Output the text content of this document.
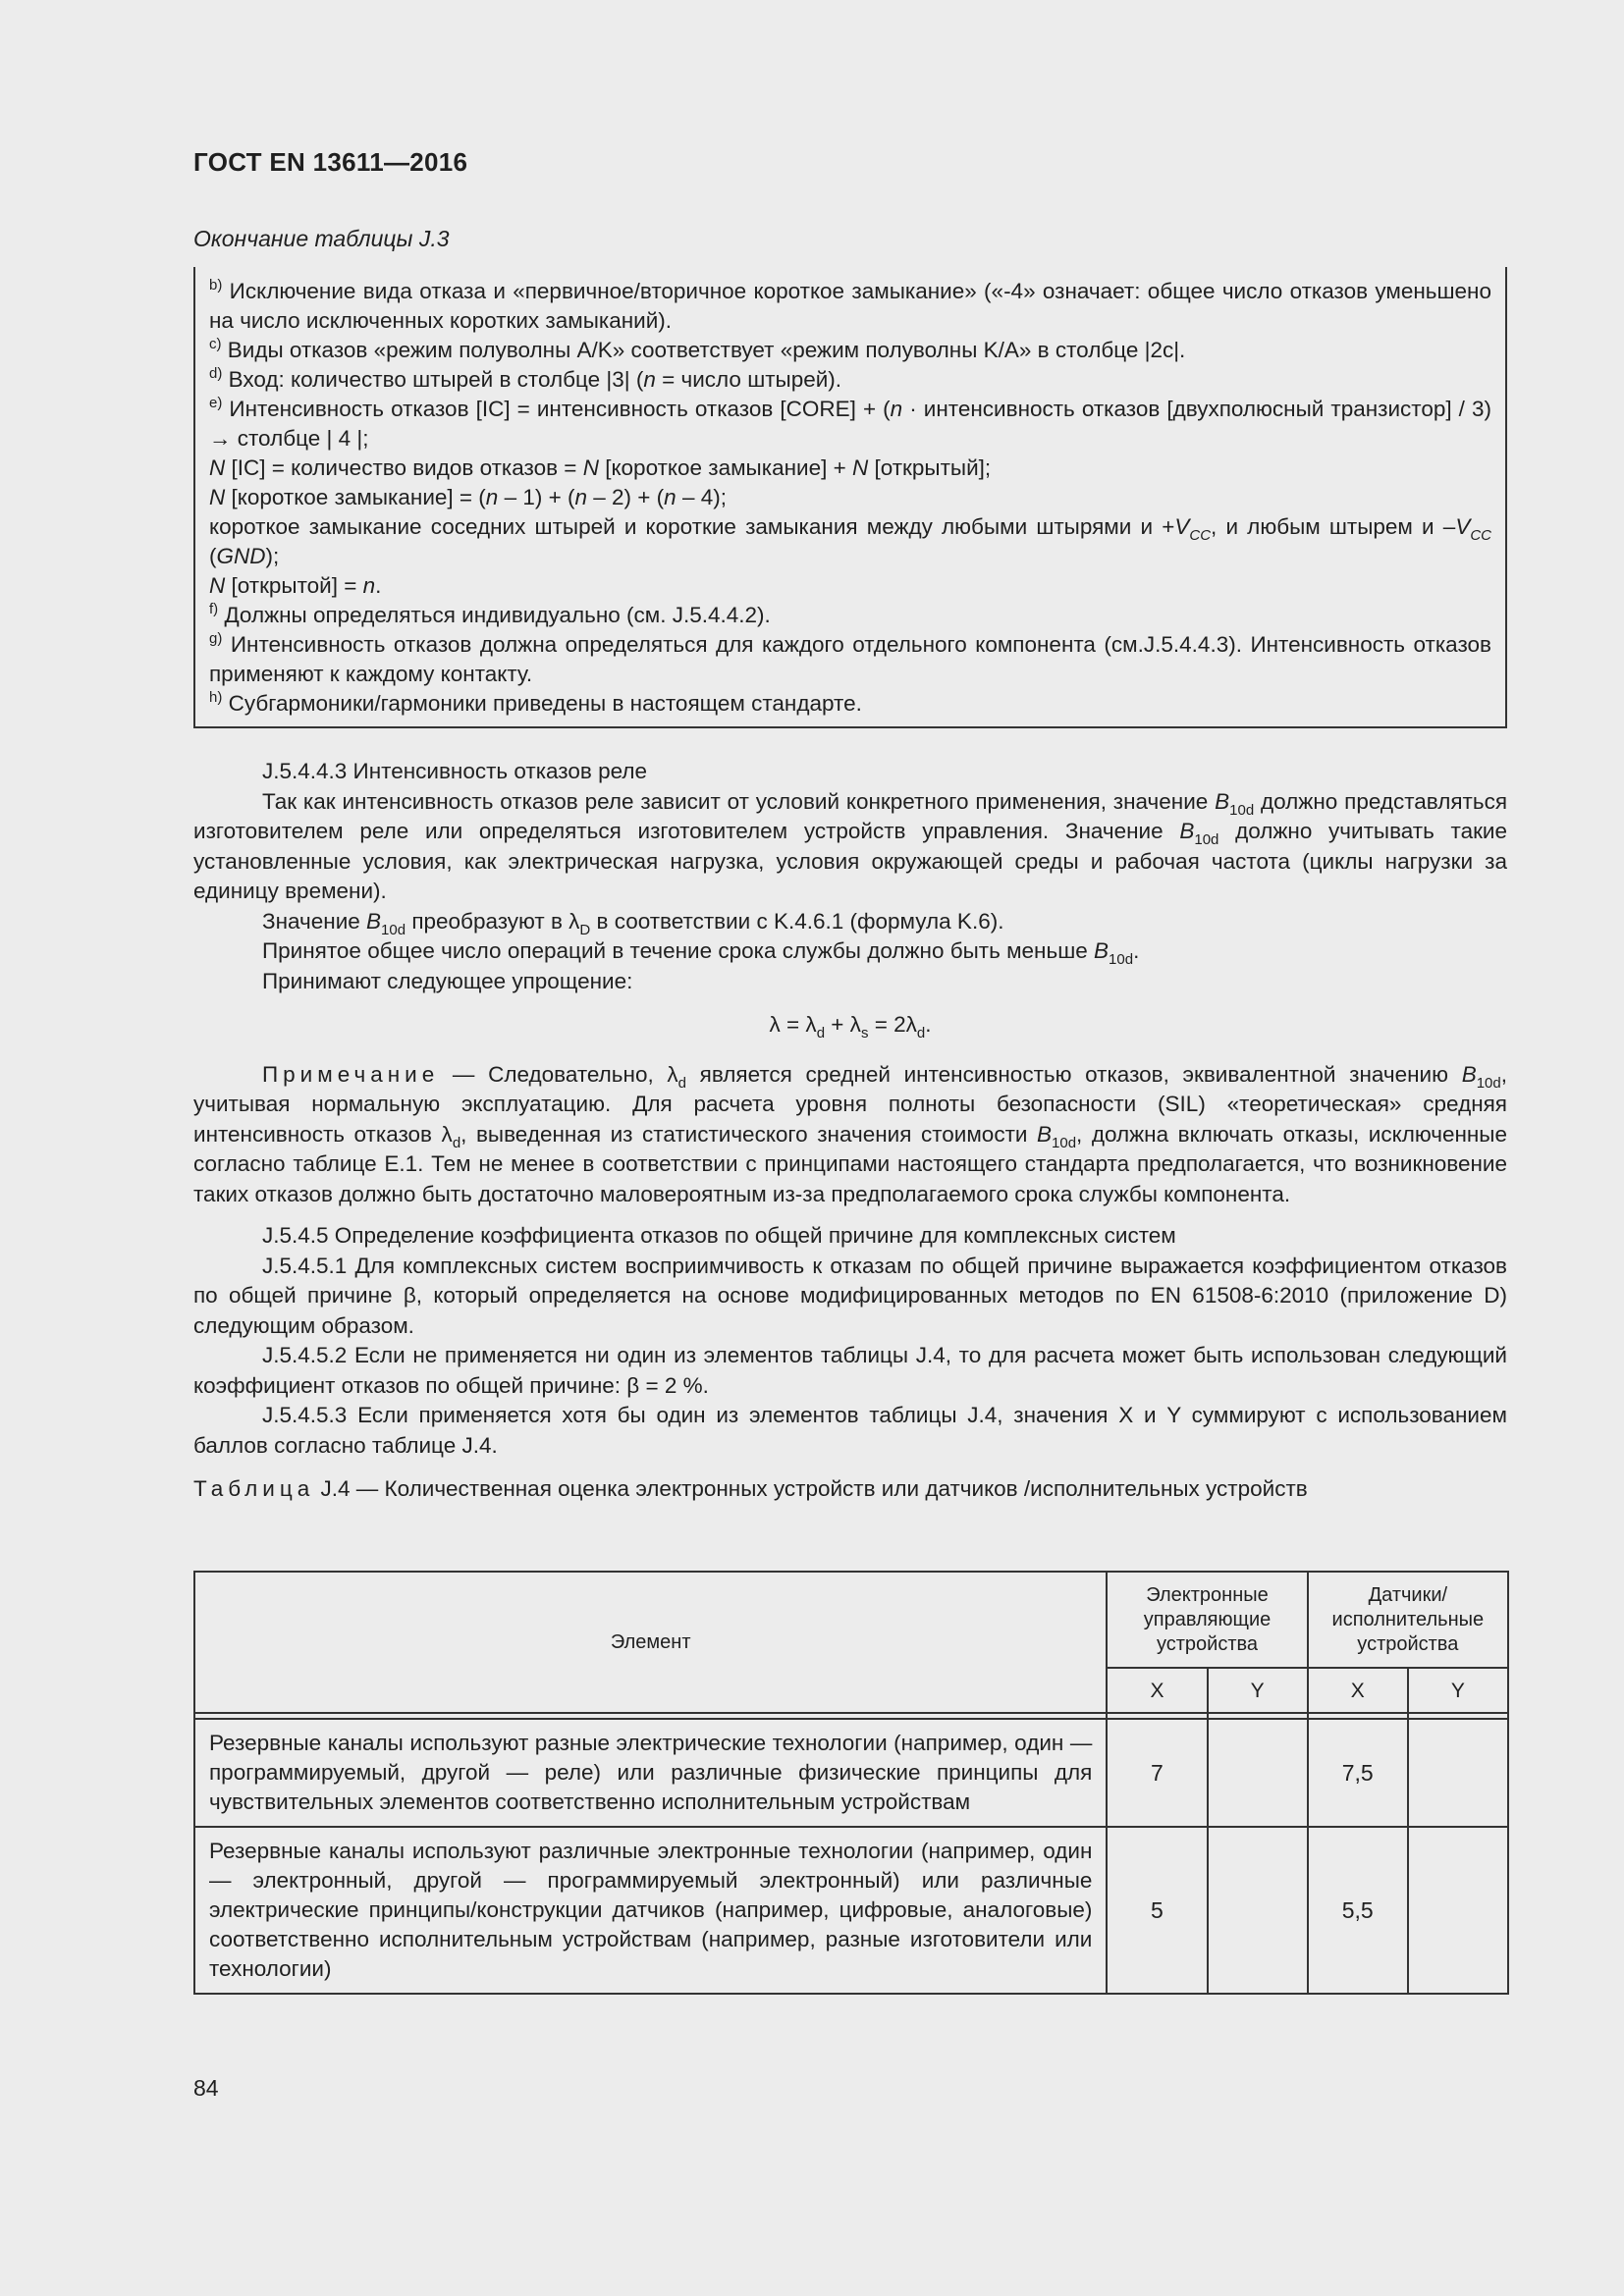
ГОСТ EN 13611—2016
Окончание таблицы J.3

$^{b)}$ Исключение вида отказа и «первичное/вторичное короткое замыкание» («-4» означает: общее число отказов уменьшено на число исключенных коротких замыканий).

$^{c)}$ Виды отказов «режим полуволны A/K» соответствует «режим полуволны K/A» в столбце |2c|.

$^{d)}$ Вход: количество штырей в столбце |3| (n = число штырей).

$^{e)}$ Интенсивность отказов [IC] = интенсивность отказов [CORE] + (n · интенсивность отказов [двухполюсный транзистор] / 3) → столбце | 4 |;

N [IC] = количество видов отказов = N [короткое замыкание] + N [открытый];

N [короткое замыкание] = (n – 1) + (n – 2) + (n – 4);

короткое замыкание соседних штырей и короткие замыкания между любыми штырями $и +V_{CC}$, и любым штырем и $-V_{CC}$ (GND);

N [открытой] = n.

$^{f)}$ Должны определяться индивидуально (см. J.5.4.4.2).

$^{g)}$ Интенсивность отказов должна определяться для каждого отдельного компонента (см.J.5.4.4.3). Интенсивность отказов применяют к каждому контакту.

$^{h)}$ Субгармоники/гармоники приведены в настоящем стандарте.

J.5.4.4.3 Интенсивность отказов реле

Так как интенсивность отказов реле зависит от условий конкретного применения, значение $B_{10d}$ должно представляться изготовителем реле или определяться изготовителем устройств управления. Значение $B_{10d}$ должно учитывать такие установленные условия, как электрическая нагрузка, условия окружающей среды и рабочая частота (циклы нагрузки за единицу времени).

Значение $B_{10d}$ преобразуют в $\lambda_D$ в соответствии с K.4.6.1 (формула K.6).

Принятое общее число операций в течение срока службы должно быть меньше $B_{10d}$.

Принимают следующее упрощение:

$\lambda = \lambda_d + \lambda_s = 2\lambda_d$.

Примечание — Следовательно, $\lambda_d$ является средней интенсивностью отказов, эквивалентной значению $B_{10d}$, учитывая нормальную эксплуатацию. Для расчета уровня полноты безопасности (SIL) «теоретическая» средняя интенсивность отказов $\lambda_d$, выведенная из статистического значения стоимости $B_{10d}$, должна включать отказы, исключенные согласно таблице Е.1. Тем не менее в соответствии с принципами настоящего стандарта предполагается, что возникновение таких отказов должно быть достаточно маловероятным из-за предполагаемого срока службы компонента.

J.5.4.5 Определение коэффициента отказов по общей причине для комплексных систем

J.5.4.5.1 Для комплексных систем восприимчивость к отказам по общей причине выражается коэффициентом отказов по общей причине β, который определяется на основе модифицированных методов по EN 61508-6:2010 (приложение D) следующим образом.

J.5.4.5.2 Если не применяется ни один из элементов таблицы J.4, то для расчета может быть использован следующий коэффициент отказов по общей причине: β = 2 %.

J.5.4.5.3 Если применяется хотя бы один из элементов таблицы J.4, значения X и Y суммируют с использованием баллов согласно таблице J.4.

Таблица J.4 — Количественная оценка электронных устройств или датчиков /исполнительных устройств

Элемент	Электронные управляющие устройства		Датчики/ исполнительные устройства	
	X	Y	X	Y

Резервные каналы используют разные электрические технологии (например, один — программируемый, другой — реле) или различные физические принципы для чувствительных элементов соответственно исполнительным устройствам	7		7,5	
Резервные каналы используют различные электронные технологии (например, один — электронный, другой — программируемый электронный) или различные электрические принципы/конструкции датчиков (например, цифровые, аналоговые) соответственно исполнительным устройствам (например, разные изготовители или технологии)	5		5,5	
84
